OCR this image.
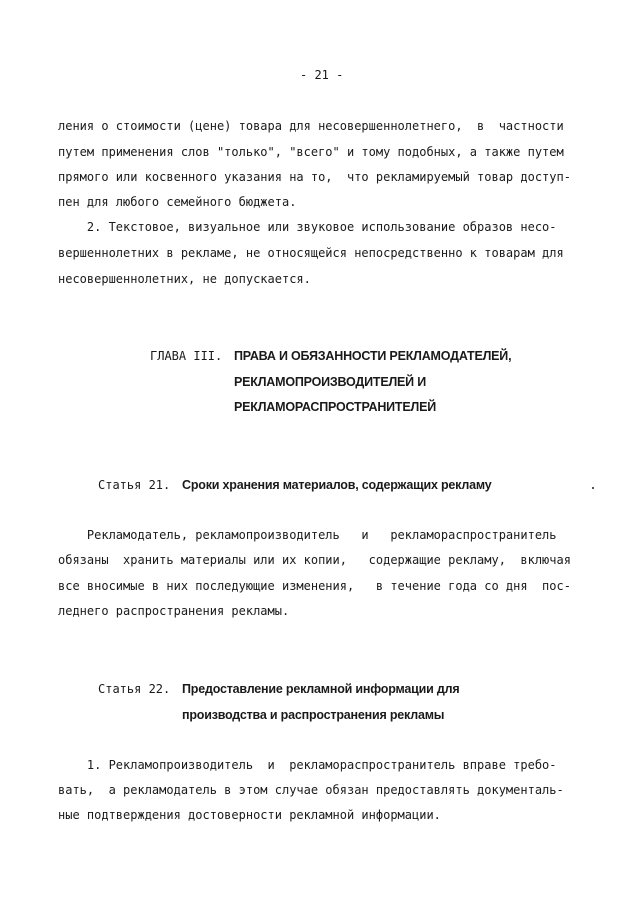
- 21 -
ления о стоимости (цене) товара для несовершеннолетнего,  в  частности
путем применения слов "только", "всего" и тому подобных, а также путем
прямого или косвенного указания на то,  что рекламируемый товар доступ-
пен для любого семейного бюджета.
2. Текстовое, визуальное или звуковое использование образов несо-
вершеннолетних в рекламе, не относящейся непосредственно к товарам для
несовершеннолетних, не допускается.
ГЛАВА III. ПРАВА И ОБЯЗАННОСТИ РЕКЛАМОДАТЕЛЕЙ,
РЕКЛАМОПРОИЗВОДИТЕЛЕЙ И
РЕКЛАМОРАСПРОСТРАНИТЕЛЕЙ
Статья 21. Сроки хранения материалов, содержащих рекламу
Рекламодатель, рекламопроизводитель   и   рекламораспространитель
обязаны  хранить материалы или их копии,   содержащие рекламу,  включая
все вносимые в них последующие изменения,   в течение года со дня  пос-
леднего распространения рекламы.
Статья 22. Предоставление рекламной информации для
производства и распространения рекламы
1. Рекламопроизводитель  и  рекламораспространитель вправе требо-
вать,  а рекламодатель в этом случае обязан предоставлять документаль-
ные подтверждения достоверности рекламной информации.
